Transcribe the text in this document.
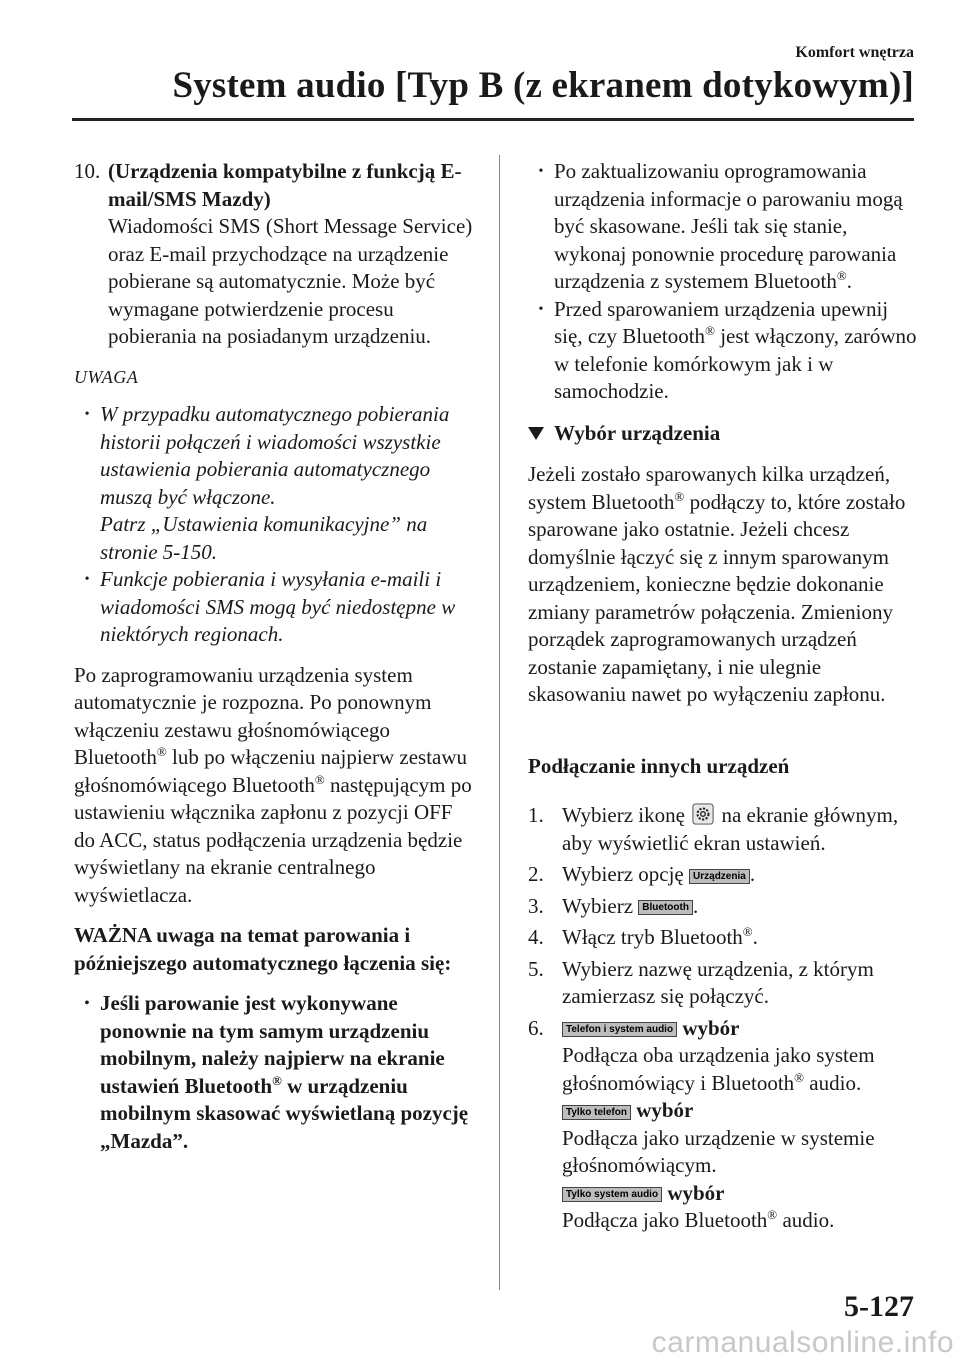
Komfort wnętrza
System audio [Typ B (z ekranem dotykowym)]
10. (Urządzenia kompatybilne z funkcją E-mail/SMS Mazdy)

Wiadomości SMS (Short Message Service) oraz E-mail przychodzące na urządzenie pobierane są automatycznie. Może być wymagane potwierdzenie procesu pobierania na posiadanym urządzeniu.

UWAGA
• W przypadku automatycznego pobierania historii połączeń i wiadomości wszystkie ustawienia pobierania automatycznego muszą być włączone.

Patrz „Ustawienia komunikacyjne” na stronie 5-150.

• Funkcje pobierania i wysyłania e-maili i wiadomości SMS mogą być niedostępne w niektórych regionach.

Po zaprogramowaniu urządzenia system automatycznie je rozpozna. Po ponownym włączeniu zestawu głośnomówiącego Bluetooth® lub po włączeniu najpierw zestawu głośnomówiącego Bluetooth® następującym po ustawieniu włącznika zapłonu z pozycji OFF do ACC, status podłączenia urządzenia będzie wyświetlany na ekranie centralnego wyświetlacza.

WAŻNA uwaga na temat parowania i późniejszego automatycznego łączenia się:

• Jeśli parowanie jest wykonywane ponownie na tym samym urządzeniu mobilnym, należy najpierw na ekranie ustawień Bluetooth® w urządzeniu mobilnym skasować wyświetlaną pozycję „Mazda”.
• Po zaktualizowaniu oprogramowania urządzenia informacje o parowaniu mogą być skasowane. Jeśli tak się stanie, wykonaj ponownie procedurę parowania urządzenia z systemem Bluetooth®.
• Przed sparowaniem urządzenia upewnij się, czy Bluetooth® jest włączony, zarówno w telefonie komórkowym jak i w samochodzie.
Wybór urządzenia

Jeżeli zostało sparowanych kilka urządzeń, system Bluetooth® podłączy to, które zostało sparowane jako ostatnie. Jeżeli chcesz domyślnie łączyć się z innym sparowanym urządzeniem, konieczne będzie dokonanie zmiany parametrów połączenia. Zmieniony porządek zaprogramowanych urządzeń zostanie zapamiętany, i nie ulegnie skasowaniu nawet po wyłączeniu zapłonu.

Podłączanie innych urządzeń

1. Wybierz ikonę na ekranie głównym, aby wyświetlić ekran ustawień.
2. Wybierz opcję Urządzenia .
3. Wybierz Bluetooth .
4. Włącz tryb Bluetooth®.
5. Wybierz nazwę urządzenia, z którym zamierzasz się połączyć.
6.	Telefon i system audio wybór

Podłącza oba urządzenia jako system głośnomówiący i Bluetooth® audio.

Tylko telefon wybór

Podłącza jako urządzenie w systemie głośnomówiącym.

Tylko system audio wybór

Podłącza jako Bluetooth® audio.

5-127
carmanualsonline.info
